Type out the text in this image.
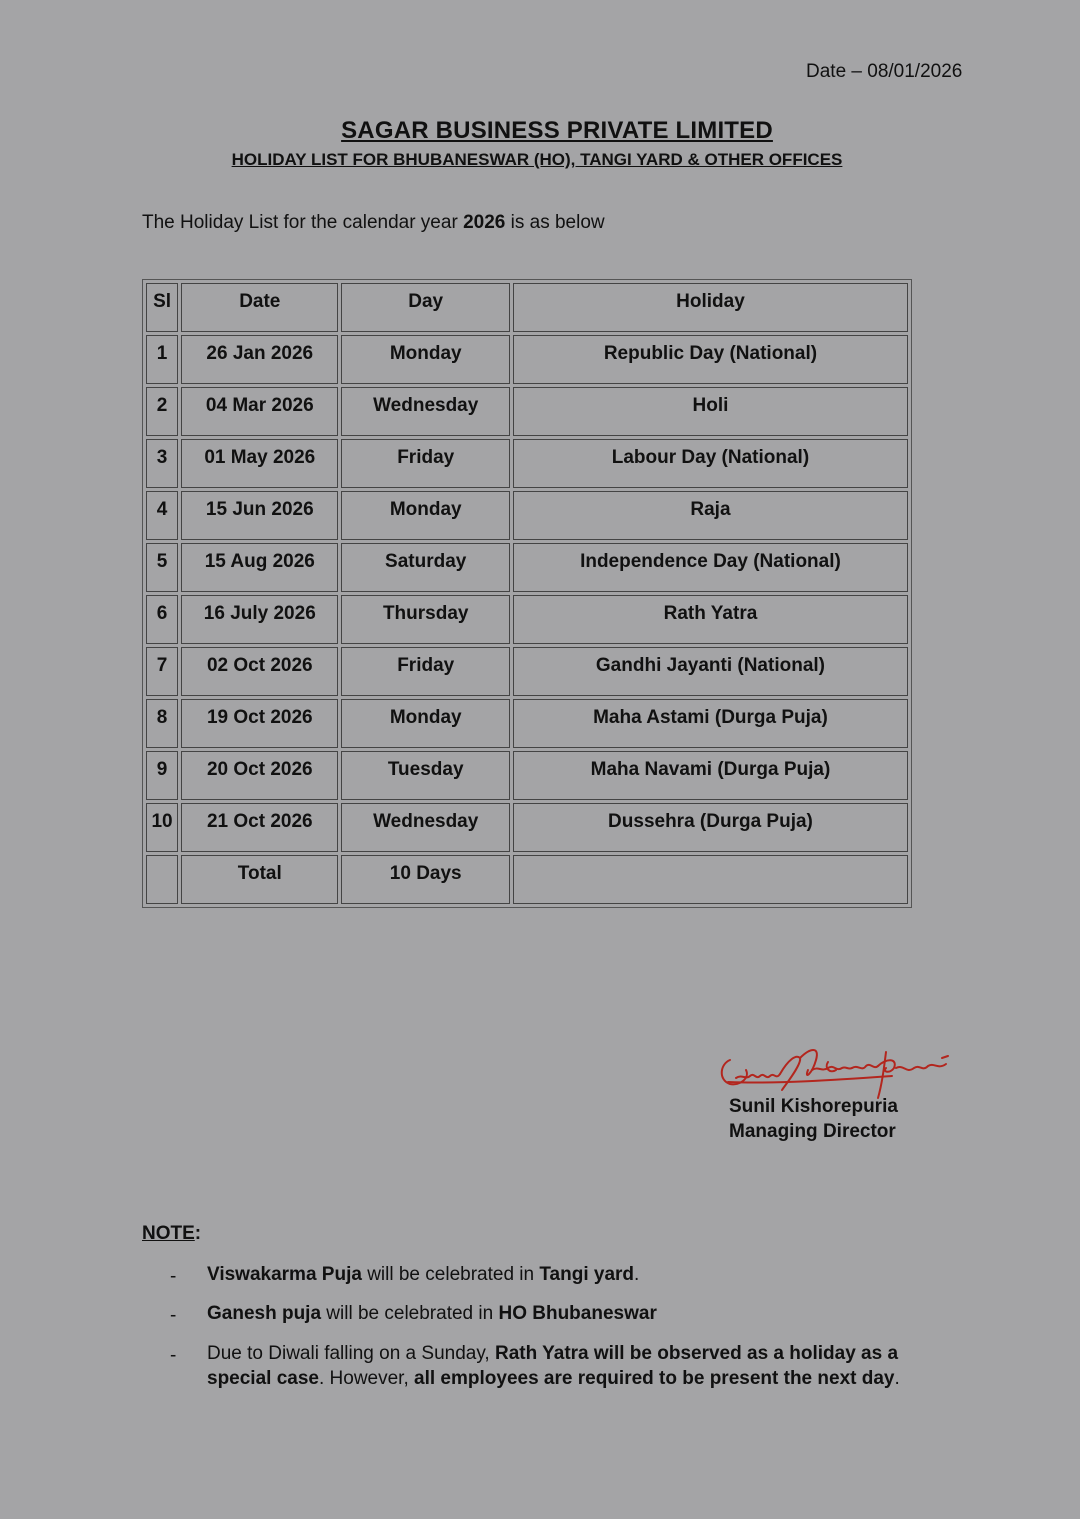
Date – 08/01/2026
SAGAR BUSINESS PRIVATE LIMITED
HOLIDAY LIST FOR BHUBANESWAR (HO), TANGI YARD & OTHER OFFICES
The Holiday List for the calendar year 2026 is as below
Sl	Date	Day	Holiday
1	26 Jan 2026	Monday	Republic Day (National)
2	04 Mar 2026	Wednesday	Holi
3	01 May 2026	Friday	Labour Day (National)
4	15 Jun 2026	Monday	Raja
5	15 Aug 2026	Saturday	Independence Day (National)
6	16 July 2026	Thursday	Rath Yatra
7	02 Oct 2026	Friday	Gandhi Jayanti (National)
8	19 Oct 2026	Monday	Maha Astami (Durga Puja)
9	20 Oct 2026	Tuesday	Maha Navami (Durga Puja)
10	21 Oct 2026	Wednesday	Dussehra (Durga Puja)
	Total	10 Days	
Sunil Kishorepuria
Managing Director
NOTE:
- Viswakarma Puja will be celebrated in Tangi yard.
- Ganesh puja will be celebrated in HO Bhubaneswar
- Due to Diwali falling on a Sunday, Rath Yatra will be observed as a holiday as a special case. However, all employees are required to be present the next day.
